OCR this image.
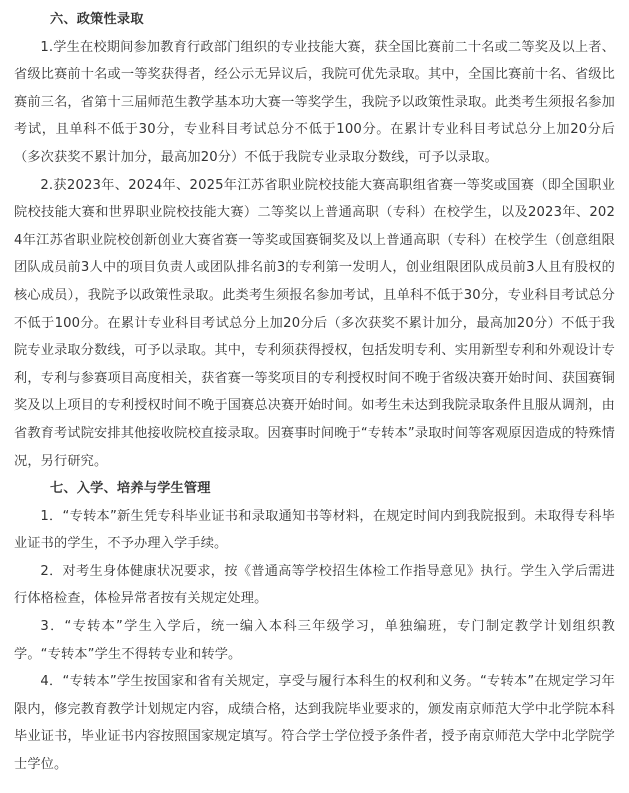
六、政策性录取

1.学生在校期间参加教育行政部门组织的专业技能大赛，获全国比赛前二十名或二等奖及以上者、省级比赛前十名或一等奖获得者，经公示无异议后，我院可优先录取。其中，全国比赛前十名、省级比赛前三名，省第十三届师范生教学基本功大赛一等奖学生，我院予以政策性录取。此类考生须报名参加考试，且单科不低于30分，专业科目考试总分不低于100分。在累计专业科目考试总分上加20分后（多次获奖不累计加分，最高加20分）不低于我院专业录取分数线，可予以录取。

2.获2023年、2024年、2025年江苏省职业院校技能大赛高职组省赛一等奖或国赛（即全国职业院校技能大赛和世界职业院校技能大赛）二等奖以上普通高职（专科）在校学生，以及2023年、2024年江苏省职业院校创新创业大赛省赛一等奖或国赛铜奖及以上普通高职（专科）在校学生（创意组限团队成员前3人中的项目负责人或团队排名前3的专利第一发明人，创业组限团队成员前3人且有股权的核心成员），我院予以政策性录取。此类考生须报名参加考试，且单科不低于30分，专业科目考试总分不低于100分。在累计专业科目考试总分上加20分后（多次获奖不累计加分，最高加20分）不低于我院专业录取分数线，可予以录取。其中，专利须获得授权，包括发明专利、实用新型专利和外观设计专利，专利与参赛项目高度相关，获省赛一等奖项目的专利授权时间不晚于省级决赛开始时间、获国赛铜奖及以上项目的专利授权时间不晚于国赛总决赛开始时间。如考生未达到我院录取条件且服从调剂，由省教育考试院安排其他接收院校直接录取。因赛事时间晚于“专转本”录取时间等客观原因造成的特殊情况，另行研究。

七、入学、培养与学生管理

1．“专转本”新生凭专科毕业证书和录取通知书等材料，在规定时间内到我院报到。未取得专科毕业证书的学生，不予办理入学手续。

2．对考生身体健康状况要求，按《普通高等学校招生体检工作指导意见》执行。学生入学后需进行体格检查，体检异常者按有关规定处理。

3．“专转本”学生入学后，统一编入本科三年级学习，单独编班，专门制定教学计划组织教学。“专转本”学生不得转专业和转学。

4．“专转本”学生按国家和省有关规定，享受与履行本科生的权利和义务。“专转本”在规定学习年限内，修完教育教学计划规定内容，成绩合格，达到我院毕业要求的，颁发南京师范大学中北学院本科毕业证书，毕业证书内容按照国家规定填写。符合学士学位授予条件者，授予南京师范大学中北学院学士学位。
